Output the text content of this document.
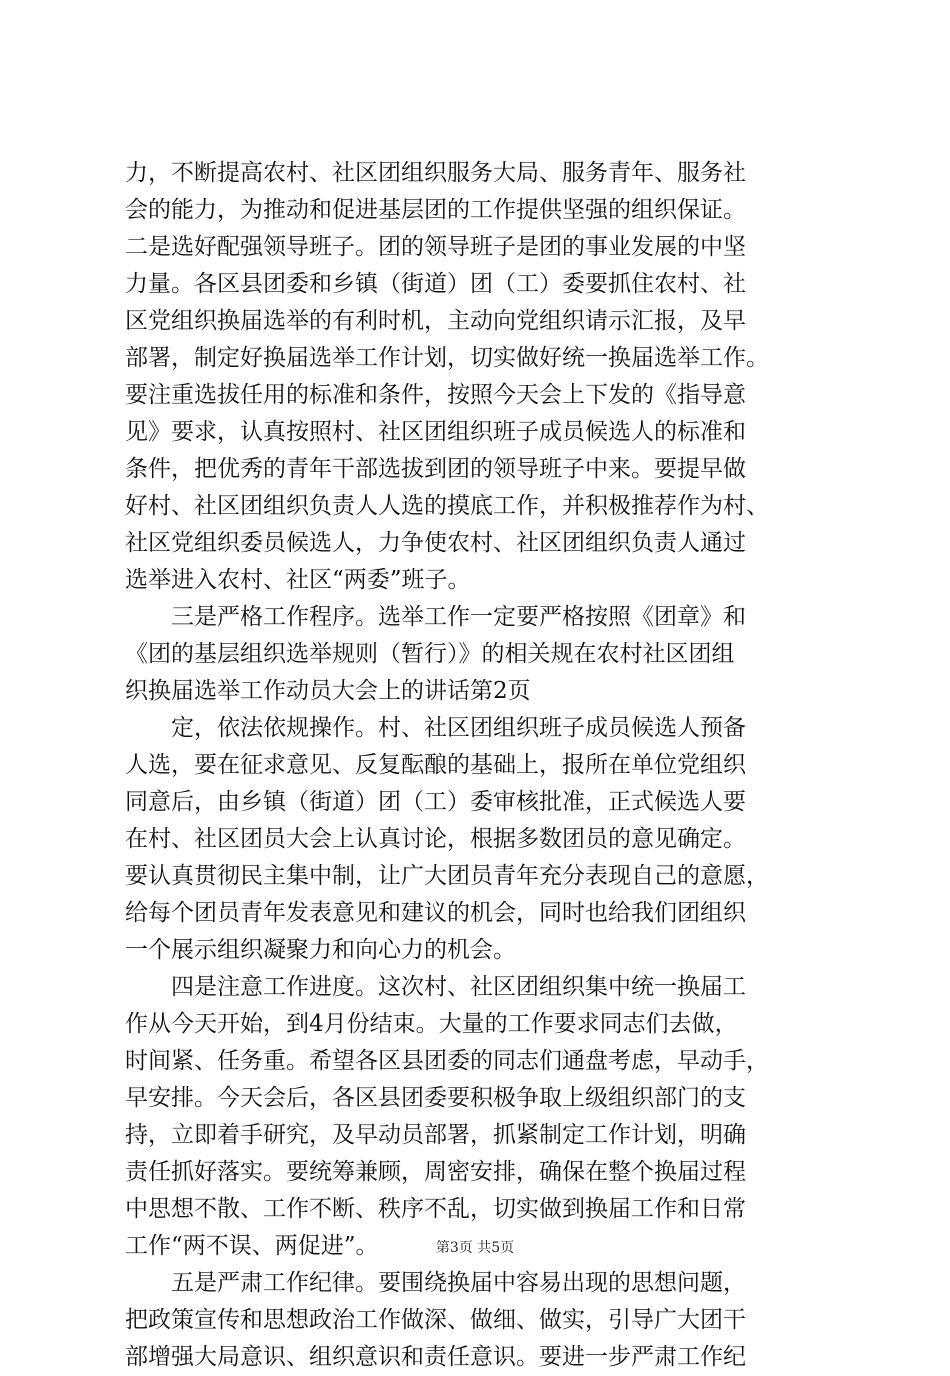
力，不断提高农村、社区团组织服务大局、服务青年、服务社
会的能力，为推动和促进基层团的工作提供坚强的组织保证。
二是选好配强领导班子。团的领导班子是团的事业发展的中坚
力量。各区县团委和乡镇（街道）团（工）委要抓住农村、社
区党组织换届选举的有利时机，主动向党组织请示汇报，及早
部署，制定好换届选举工作计划，切实做好统一换届选举工作。
要注重选拔任用的标准和条件，按照今天会上下发的《指导意
见》要求，认真按照村、社区团组织班子成员候选人的标准和
条件，把优秀的青年干部选拔到团的领导班子中来。要提早做
好村、社区团组织负责人人选的摸底工作，并积极推荐作为村、
社区党组织委员候选人，力争使农村、社区团组织负责人通过
选举进入农村、社区“两委”班子。
　　三是严格工作程序。选举工作一定要严格按照《团章》和
《团的基层组织选举规则（暂行）》的相关规在农村社区团组
织换届选举工作动员大会上的讲话第2页
　　定，依法依规操作。村、社区团组织班子成员候选人预备
人选，要在征求意见、反复酝酿的基础上，报所在单位党组织
同意后，由乡镇（街道）团（工）委审核批准，正式候选人要
在村、社区团员大会上认真讨论，根据多数团员的意见确定。
要认真贯彻民主集中制，让广大团员青年充分表现自己的意愿，
给每个团员青年发表意见和建议的机会，同时也给我们团组织
一个展示组织凝聚力和向心力的机会。
　　四是注意工作进度。这次村、社区团组织集中统一换届工
作从今天开始，到4月份结束。大量的工作要求同志们去做，
时间紧、任务重。希望各区县团委的同志们通盘考虑，早动手，
早安排。今天会后，各区县团委要积极争取上级组织部门的支
持，立即着手研究，及早动员部署，抓紧制定工作计划，明确
责任抓好落实。要统筹兼顾，周密安排，确保在整个换届过程
中思想不散、工作不断、秩序不乱，切实做到换届工作和日常
工作“两不误、两促进”。
　　五是严肃工作纪律。要围绕换届中容易出现的思想问题，
把政策宣传和思想政治工作做深、做细、做实，引导广大团干
部增强大局意识、组织意识和责任意识。要进一步严肃工作纪
第3页 共5页
